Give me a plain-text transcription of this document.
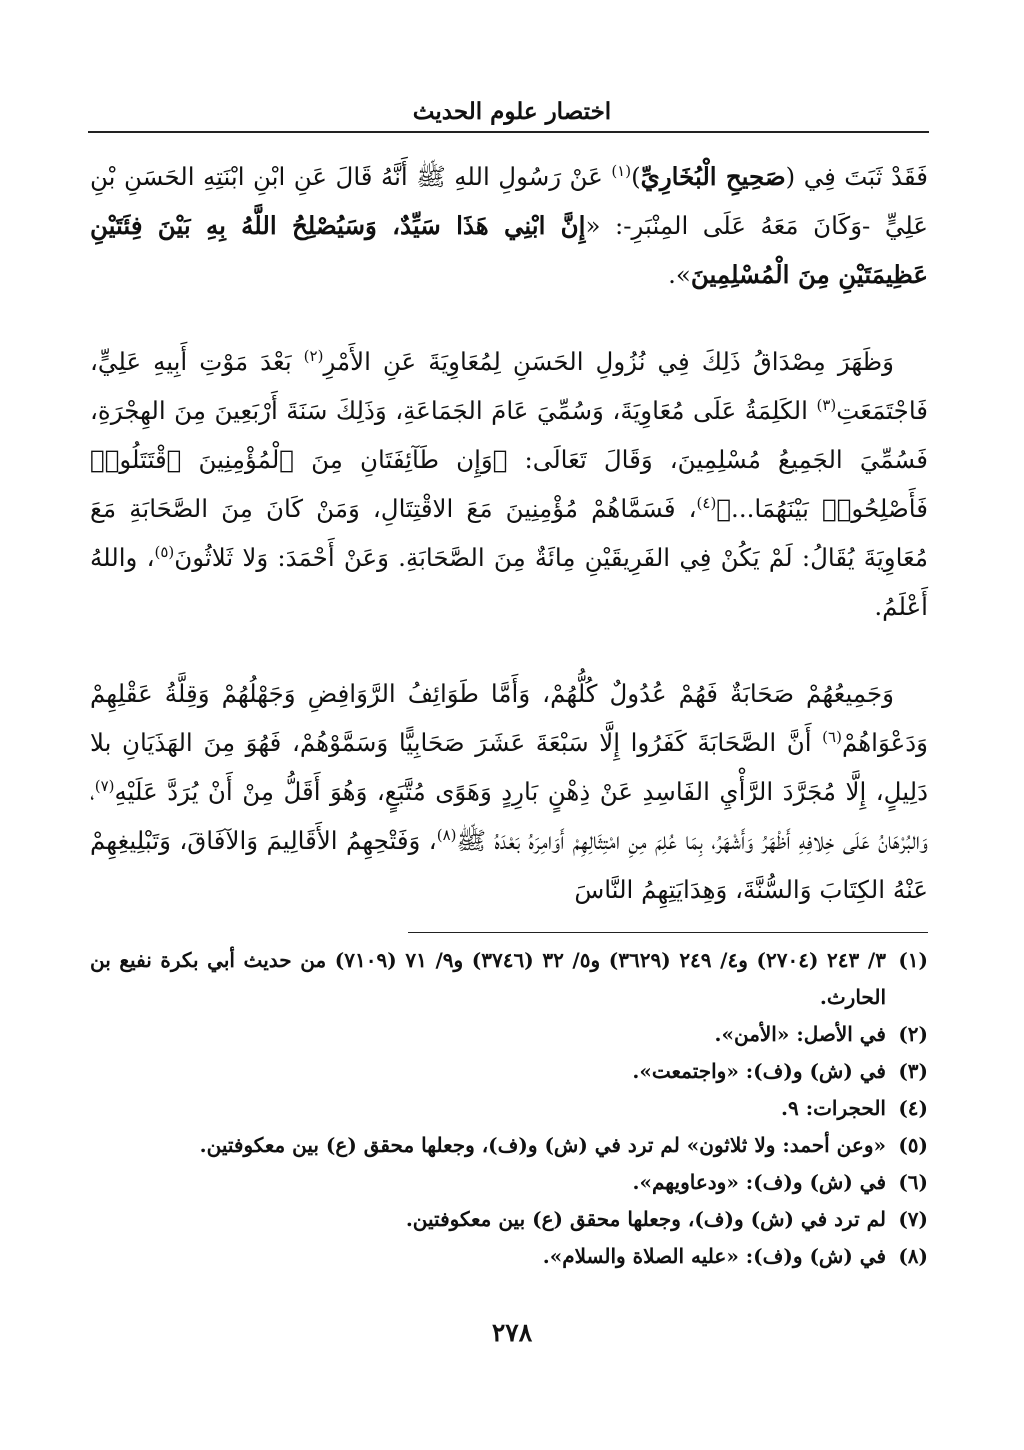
اختصار علوم الحديث

فَقَدْ ثَبَتَ فِي (صَحِيحِ الْبُخَارِيِّ)$^{(١)}$ عَنْ رَسُولِ اللهِ ﷺ أَنَّهُ قَالَ عَنِ ابْنِ ابْنَتِهِ الحَسَنِ بْنِ عَلِيٍّ -وَكَانَ مَعَهُ عَلَى المِنْبَرِ-: «إِنَّ ابْنِي هَذَا سَيِّدٌ، وَسَيُصْلِحُ اللَّهُ بِهِ بَيْنَ فِئَتَيْنِ عَظِيمَتَيْنِ مِنَ الْمُسْلِمِينَ».

وَظَهَرَ مِصْدَاقُ ذَلِكَ فِي نُزُولِ الحَسَنِ لِمُعَاوِيَةَ عَنِ الأَمْرِ$^{(٢)}$ بَعْدَ مَوْتِ أَبِيهِ عَلِيٍّ، فَاجْتَمَعَتِ$^{(٣)}$ الكَلِمَةُ عَلَى مُعَاوِيَةَ، وَسُمِّيَ عَامَ الجَمَاعَةِ، وَذَلِكَ سَنَةَ أَرْبَعِينَ مِنَ الهِجْرَةِ، فَسُمِّيَ الجَمِيعُ مُسْلِمِينَ، وَقَالَ تَعَالَى: ﴿وَإِن طَآئِفَتَانِ مِنَ ٱلْمُؤْمِنِينَ ٱقْتَتَلُوا۟ فَأَصْلِحُوا۟ بَيْنَهُمَا...﴾$^{(٤)}$، فَسَمَّاهُمْ مُؤْمِنِينَ مَعَ الاقْتِتَالِ، وَمَنْ كَانَ مِنَ الصَّحَابَةِ مَعَ مُعَاوِيَةَ يُقَالُ: لَمْ يَكُنْ فِي الفَرِيقَيْنِ مِائَةٌ مِنَ الصَّحَابَةِ. وَعَنْ أَحْمَدَ: وَلا ثَلاثُونَ$^{(٥)}$، واللهُ أَعْلَمُ.

وَجَمِيعُهُمْ صَحَابَةٌ فَهُمْ عُدُولٌ كُلُّهُمْ، وَأَمَّا طَوَائِفُ الرَّوَافِضِ وَجَهْلُهُمْ وَقِلَّةُ عَقْلِهِمْ وَدَعْوَاهُمْ$^{(٦)}$ أَنَّ الصَّحَابَةَ كَفَرُوا إِلَّا سَبْعَةَ عَشَرَ صَحَابِيًّا وَسَمَّوْهُمْ، فَهُوَ مِنَ الهَذَيَانِ بلا دَلِيلٍ، إِلَّا مُجَرَّدَ الرَّأْيِ الفَاسِدِ عَنْ ذِهْنٍ بَارِدٍ وَهَوًى مُتَّبَعٍ، وَهُوَ أَقَلُّ مِنْ أَنْ يُرَدَّ عَلَيْهِ$^{(٧)}$، وَالبُرْهَانُ عَلَى خِلافِهِ أَظْهَرُ وَأَشْهَرُ، بِمَا عُلِمَ مِنِ امْتِثَالِهِمْ أَوَامِرَهُ بَعْدَهُ ﷺ$^{(٨)}$، وَفَتْحِهِمُ الأَقَالِيمَ وَالآفَاقَ، وَتَبْلِيغِهِمْ عَنْهُ الكِتَابَ وَالسُّنَّةَ، وَهِدَايَتِهِمُ النَّاسَ

(١)
٣/ ٢٤٣ (٢٧٠٤) و٤/ ٢٤٩ (٣٦٢٩) و٥/ ٣٢ (٣٧٤٦) و٩/ ٧١ (٧١٠٩) من حديث أبي بكرة نفيع بن الحارث.
(٢)
في الأصل: «الأمن».
(٣)
في (ش) و(ف): «واجتمعت».
(٤)
الحجرات: ٩.
(٥)
«وعن أحمد: ولا ثلاثون» لم ترد في (ش) و(ف)، وجعلها محقق (ع) بين معكوفتين.
(٦)
في (ش) و(ف): «ودعاويهم».
(٧)
لم ترد في (ش) و(ف)، وجعلها محقق (ع) بين معكوفتين.
(٨)
في (ش) و(ف): «عليه الصلاة والسلام».
٢٧٨
